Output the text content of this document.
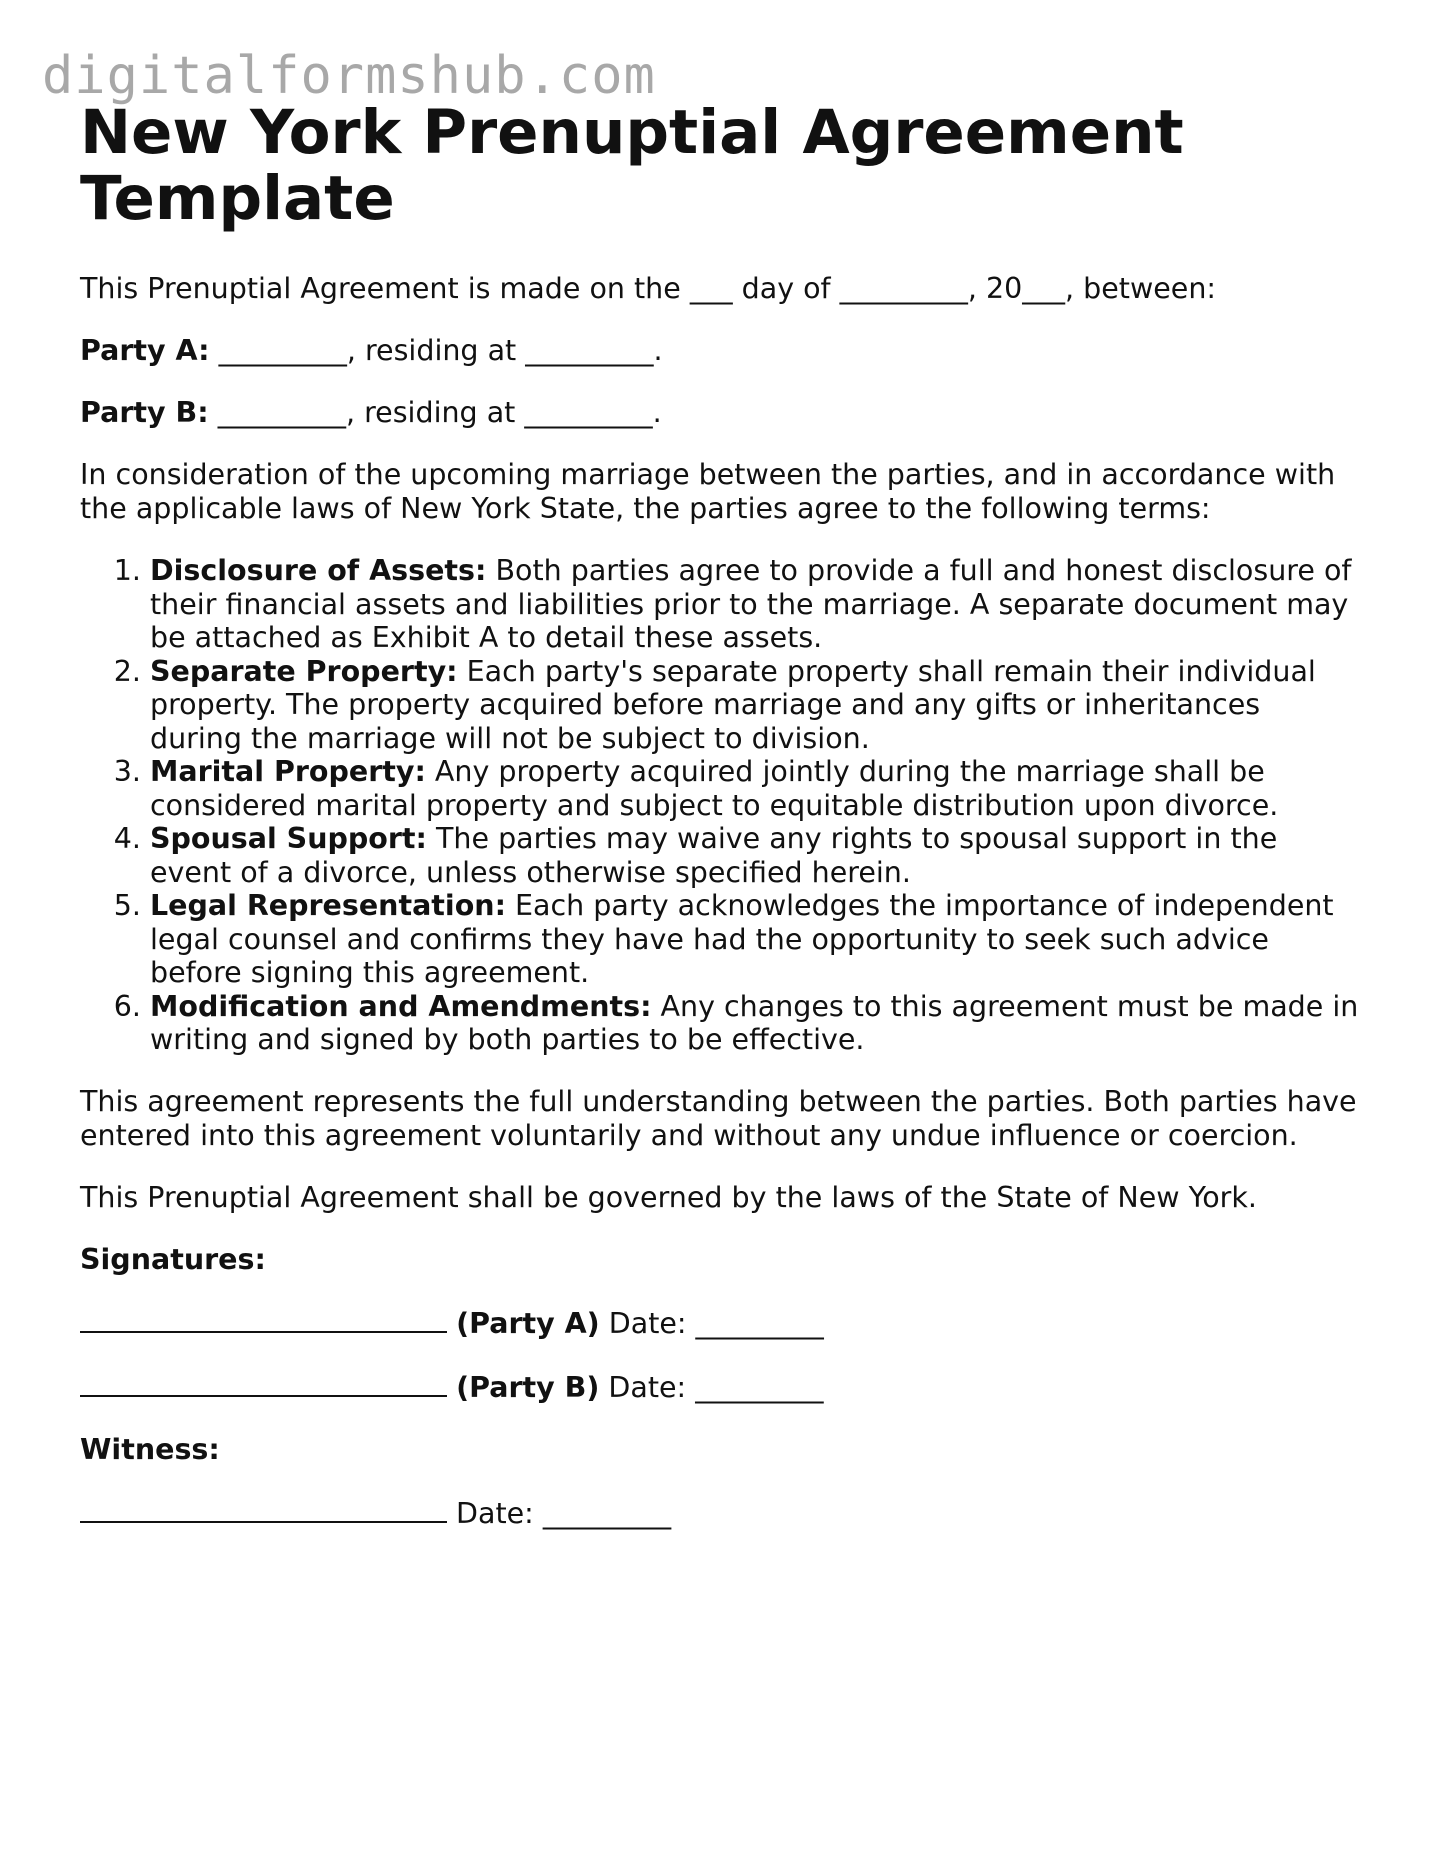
digitalformshub.com
New York Prenuptial Agreement Template

This Prenuptial Agreement is made on the ___ day of _________, 20___, between:

Party A: _________, residing at _________.

Party B: _________, residing at _________.

In consideration of the upcoming marriage between the parties, and in accordance with the applicable laws of New York State, the parties agree to the following terms:

1. Disclosure of Assets: Both parties agree to provide a full and honest disclosure of their financial assets and liabilities prior to the marriage. A separate document may be attached as Exhibit A to detail these assets.
2. Separate Property: Each party's separate property shall remain their individual property. The property acquired before marriage and any gifts or inheritances during the marriage will not be subject to division.
3. Marital Property: Any property acquired jointly during the marriage shall be considered marital property and subject to equitable distribution upon divorce.
4. Spousal Support: The parties may waive any rights to spousal support in the event of a divorce, unless otherwise specified herein.
5. Legal Representation: Each party acknowledges the importance of independent legal counsel and confirms they have had the opportunity to seek such advice before signing this agreement.
6. Modification and Amendments: Any changes to this agreement must be made in writing and signed by both parties to be effective.

This agreement represents the full understanding between the parties. Both parties have entered into this agreement voluntarily and without any undue influence or coercion.

This Prenuptial Agreement shall be governed by the laws of the State of New York.

Signatures:

(Party A) Date: _________

(Party B) Date: _________

Witness:

Date: _________
